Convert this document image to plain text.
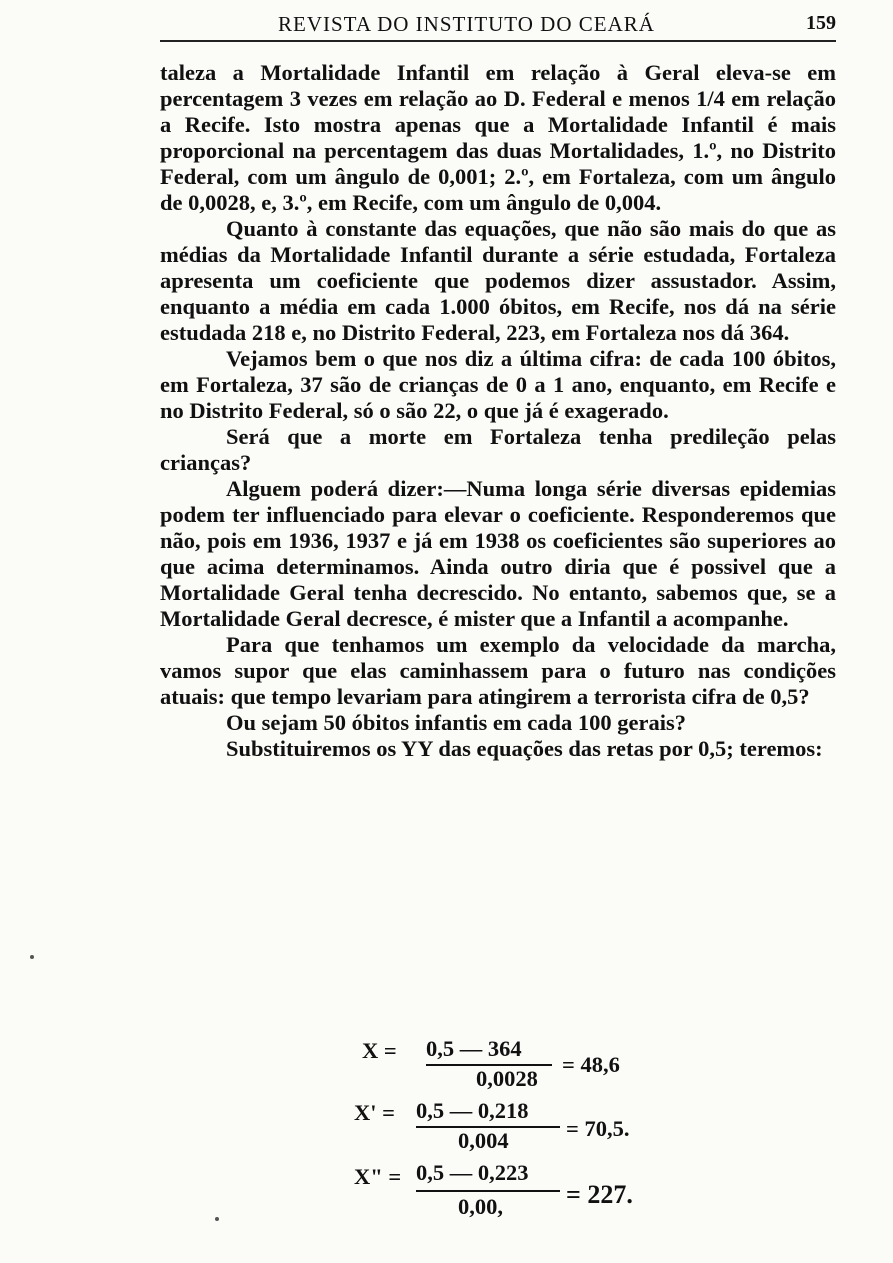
REVISTA DO INSTITUTO DO CEARÁ	159

taleza a Mortalidade Infantil em relação à Geral eleva-se em percentagem 3 vezes em relação ao D. Federal e menos 1/4 em relação a Recife. Isto mostra apenas que a Mortalidade Infantil é mais proporcional na percentagem das duas Mortalidades, 1.º, no Distrito Federal, com um ângulo de 0,001; 2.º, em Fortaleza, com um ângulo de 0,0028, e, 3.º, em Recife, com um ângulo de 0,004.

Quanto à constante das equações, que não são mais do que as médias da Mortalidade Infantil durante a série estudada, Fortaleza apresenta um coeficiente que podemos dizer assustador. Assim, enquanto a média em cada 1.000 óbitos, em Recife, nos dá na série estudada 218 e, no Distrito Federal, 223, em Fortaleza nos dá 364.

Vejamos bem o que nos diz a última cifra: de cada 100 óbitos, em Fortaleza, 37 são de crianças de 0 a 1 ano, enquanto, em Recife e no Distrito Federal, só o são 22, o que já é exagerado.

Será que a morte em Fortaleza tenha predileção pelas crianças?

Alguem poderá dizer:—Numa longa série diversas epidemias podem ter influenciado para elevar o coeficiente. Responderemos que não, pois em 1936, 1937 e já em 1938 os coeficientes são superiores ao que acima determinamos. Ainda outro diria que é possivel que a Mortalidade Geral tenha decrescido. No entanto, sabemos que, se a Mortalidade Geral decresce, é mister que a Infantil a acompanhe.

Para que tenhamos um exemplo da velocidade da marcha, vamos supor que elas caminhassem para o futuro nas condições atuais: que tempo levariam para atingirem a terrorista cifra de 0,5?

Ou sejam 50 óbitos infantis em cada 100 gerais?

Substituiremos os YY das equações das retas por 0,5; teremos:

X = 0,5 — 364
0,0028
= 48,6
X' = 0,5 — 0,218
0,004	= 70,5.
X" = 0,5 — 0,223
0,00, = 227.
